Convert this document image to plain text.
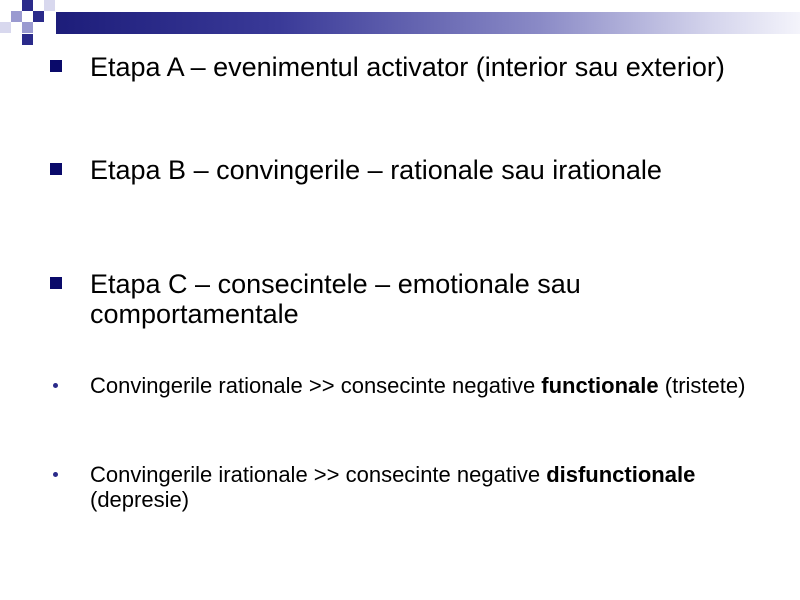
Etapa A – evenimentul activator (interior sau exterior)
Etapa B – convingerile – rationale sau irationale
Etapa C – consecintele – emotionale sau comportamentale
Convingerile rationale >> consecinte negative functionale (tristete)
Convingerile irationale >> consecinte negative disfunctionale (depresie)
